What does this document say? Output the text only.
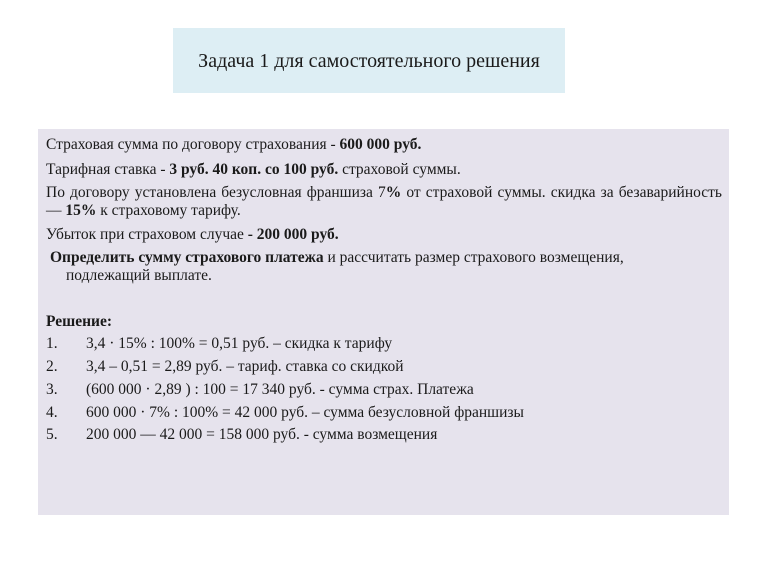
Задача 1 для самостоятельного решения
Страховая сумма по договору страхования - 600 000 руб.
Тарифная ставка - 3 руб. 40 коп. со 100 руб. страховой суммы.
По договору установлена безусловная франшиза 7% от страховой суммы. скидка за безаварийность — 15% к страховому тарифу.
Убыток при страховом случае - 200 000 руб.
Определить сумму страхового платежа и рассчитать размер страхового возмещения,
подлежащий выплате.
Решение:
1. 3,4 · 15% : 100% = 0,51 руб. – скидка к тарифу
2. 3,4 – 0,51 = 2,89 руб. – тариф. ставка со скидкой
3. (600 000 · 2,89 ) : 100 = 17 340 руб. - сумма страх. Платежа
4. 600 000 · 7% : 100% = 42 000 руб. – сумма безусловной франшизы
5. 200 000 — 42 000 = 158 000 руб. - сумма возмещения
